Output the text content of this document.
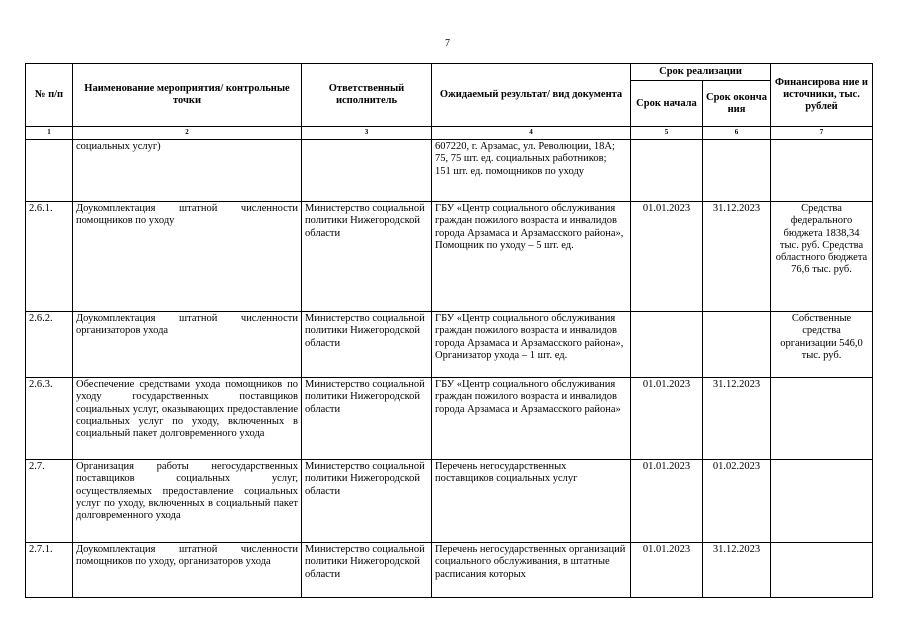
7
№ п/п	Наименование мероприятия/ контрольные точки	Ответственный исполнитель	Ожидаемый результат/ вид документа	Срок реализации		Финансирова ние и источники, тыс. рублей
				Срок начала	Срок оконча ния	
1	2	3	4	5	6	7
	социальных услуг)		607220, г. Арзамас, ул. Революции, 18А;
75, 75 шт. ед. социальных работников;
151 шт. ед. помощников по уходу			
2.6.1.	Доукомплектация штатной численности помощников по уходу	Министерство социальной политики Нижегородской области	ГБУ «Центр социального обслуживания граждан пожилого возраста и инвалидов города Арзамаса и Арзамасского района», Помощник по уходу – 5 шт. ед.	01.01.2023	31.12.2023	Средства федерального бюджета 1838,34 тыс. руб. Средства областного бюджета 76,6 тыс. руб.
2.6.2.	Доукомплектация штатной численности организаторов ухода	Министерство социальной политики Нижегородской области	ГБУ «Центр социального обслуживания граждан пожилого возраста и инвалидов города Арзамаса и Арзамасского района», Организатор ухода – 1 шт. ед.			Собственные средства организации 546,0 тыс. руб.
2.6.3.	Обеспечение средствами ухода помощников по уходу государственных поставщиков социальных услуг, оказывающих предоставление социальных услуг по уходу, включенных в социальный пакет долговременного ухода	Министерство социальной политики Нижегородской области	ГБУ «Центр социального обслуживания граждан пожилого возраста и инвалидов города Арзамаса и Арзамасского района»	01.01.2023	31.12.2023	
2.7.	Организация работы негосударственных поставщиков социальных услуг, осуществляемых предоставление социальных услуг по уходу, включенных в социальный пакет долговременного ухода	Министерство социальной политики Нижегородской области	Перечень негосударственных поставщиков социальных услуг	01.01.2023	01.02.2023	
2.7.1.	Доукомплектация штатной численности помощников по уходу, организаторов ухода	Министерство социальной политики Нижегородской области	Перечень негосударственных организаций социального обслуживания, в штатные расписания которых	01.01.2023	31.12.2023	
